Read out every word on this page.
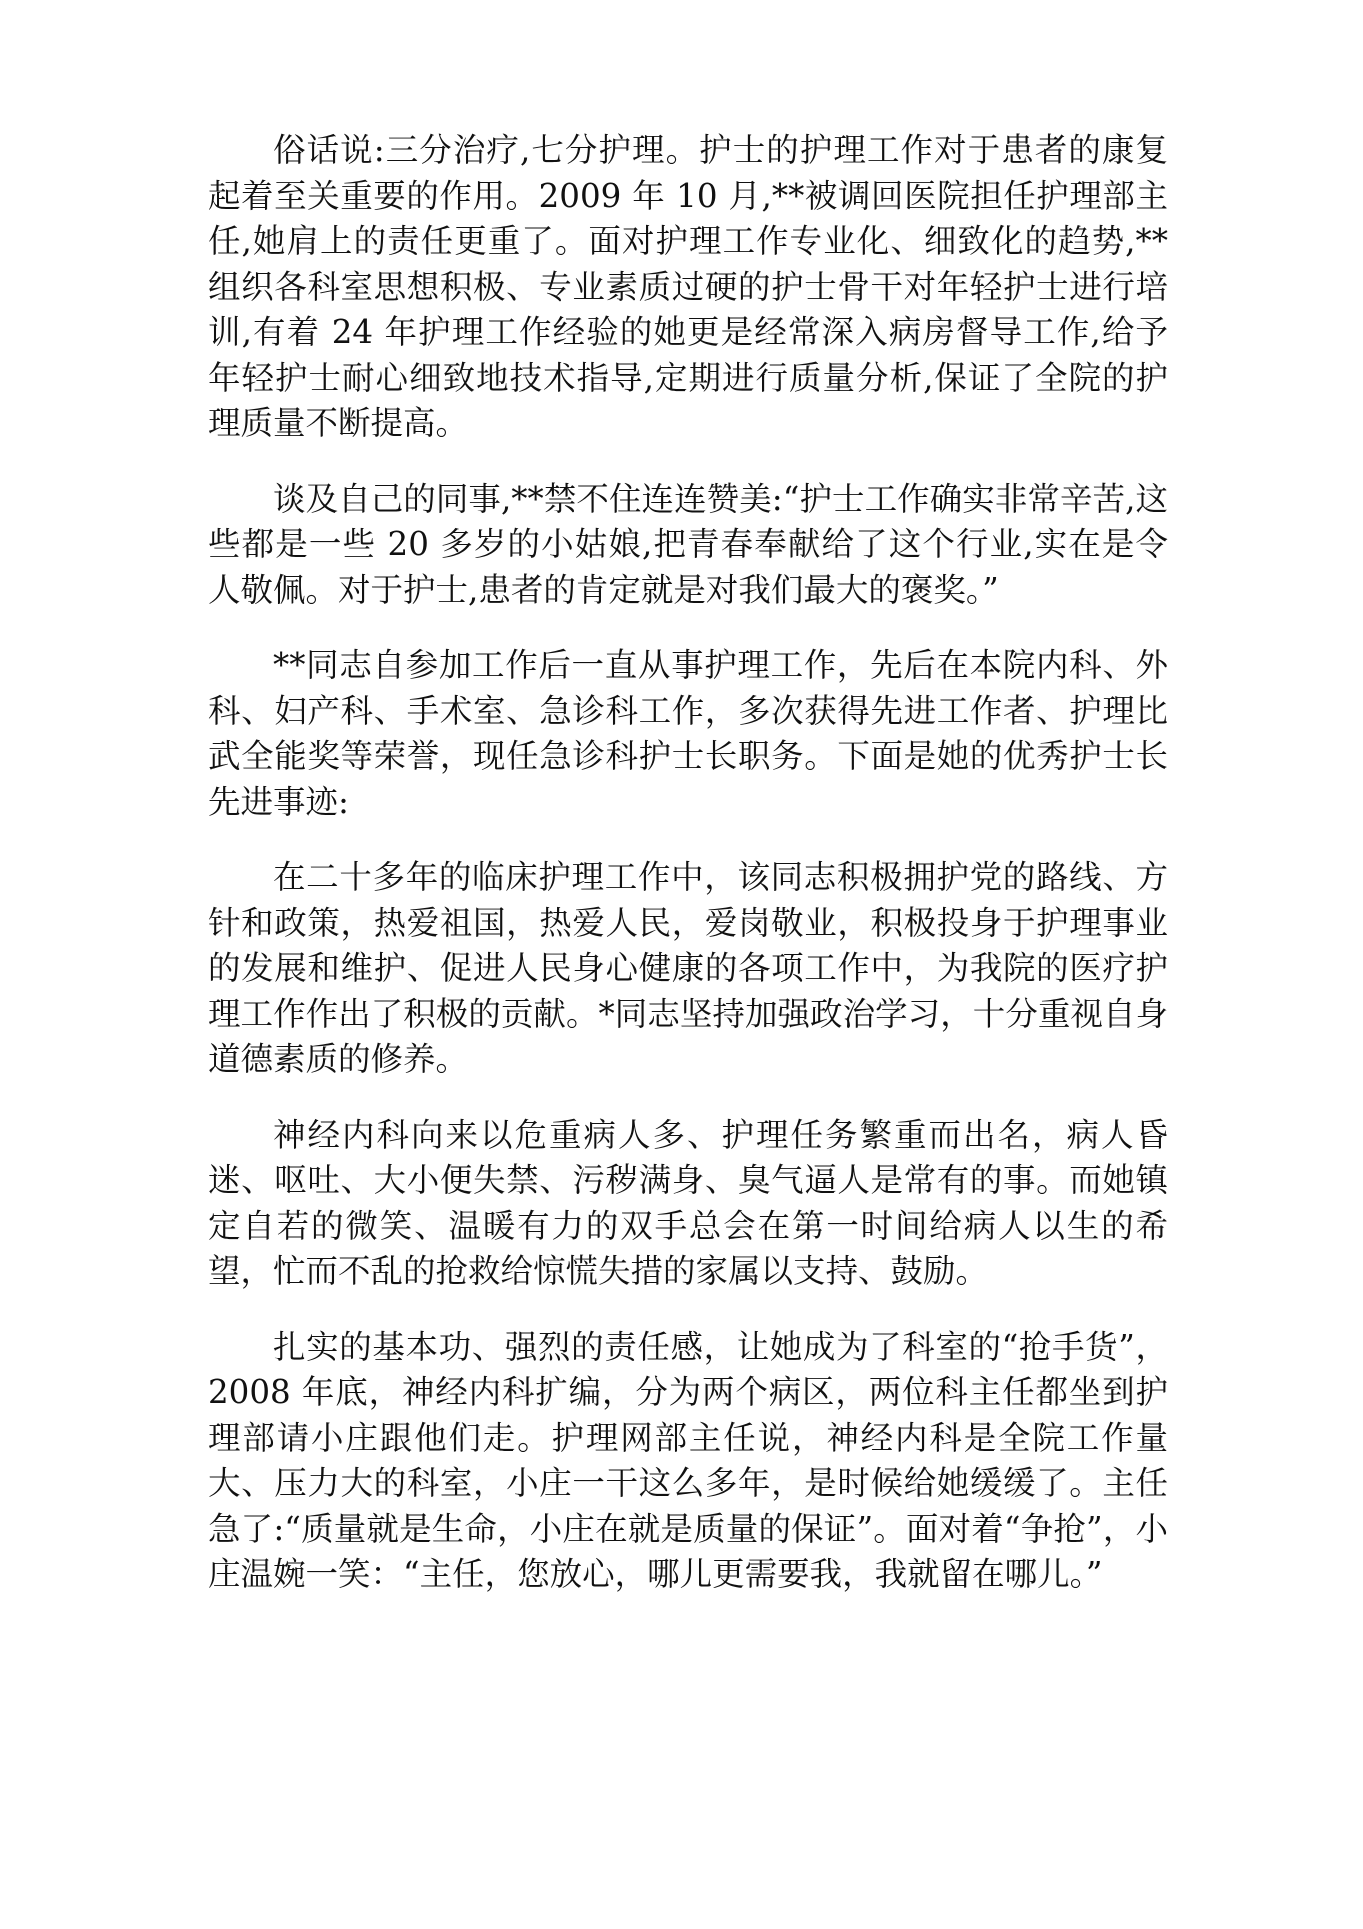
俗话说:三分治疗,七分护理。护士的护理工作对于患者的康复起着至关重要的作用。2009 年 10 月,**被调回医院担任护理部主任,她肩上的责任更重了。面对护理工作专业化、细致化的趋势,**组织各科室思想积极、专业素质过硬的护士骨干对年轻护士进行培训,有着 24 年护理工作经验的她更是经常深入病房督导工作,给予年轻护士耐心细致地技术指导,定期进行质量分析,保证了全院的护理质量不断提高。

谈及自己的同事,**禁不住连连赞美:“护士工作确实非常辛苦,这些都是一些 20 多岁的小姑娘,把青春奉献给了这个行业,实在是令人敬佩。对于护士,患者的肯定就是对我们最大的褒奖。”

**同志自参加工作后一直从事护理工作，先后在本院内科、外科、妇产科、手术室、急诊科工作，多次获得先进工作者、护理比武全能奖等荣誉，现任急诊科护士长职务。下面是她的优秀护士长先进事迹:

在二十多年的临床护理工作中，该同志积极拥护党的路线、方针和政策，热爱祖国，热爱人民，爱岗敬业，积极投身于护理事业的发展和维护、促进人民身心健康的各项工作中，为我院的医疗护理工作作出了积极的贡献。*同志坚持加强政治学习，十分重视自身道德素质的修养。

神经内科向来以危重病人多、护理任务繁重而出名，病人昏迷、呕吐、大小便失禁、污秽满身、臭气逼人是常有的事。而她镇定自若的微笑、温暖有力的双手总会在第一时间给病人以生的希望，忙而不乱的抢救给惊慌失措的家属以支持、鼓励。

扎实的基本功、强烈的责任感，让她成为了科室的“抢手货”，2008 年底，神经内科扩编，分为两个病区，两位科主任都坐到护理部请小庄跟他们走。护理网部主任说，神经内科是全院工作量大、压力大的科室，小庄一干这么多年，是时候给她缓缓了。主任急了:“质量就是生命，小庄在就是质量的保证”。面对着“争抢”，小庄温婉一笑：“主任，您放心，哪儿更需要我，我就留在哪儿。”
